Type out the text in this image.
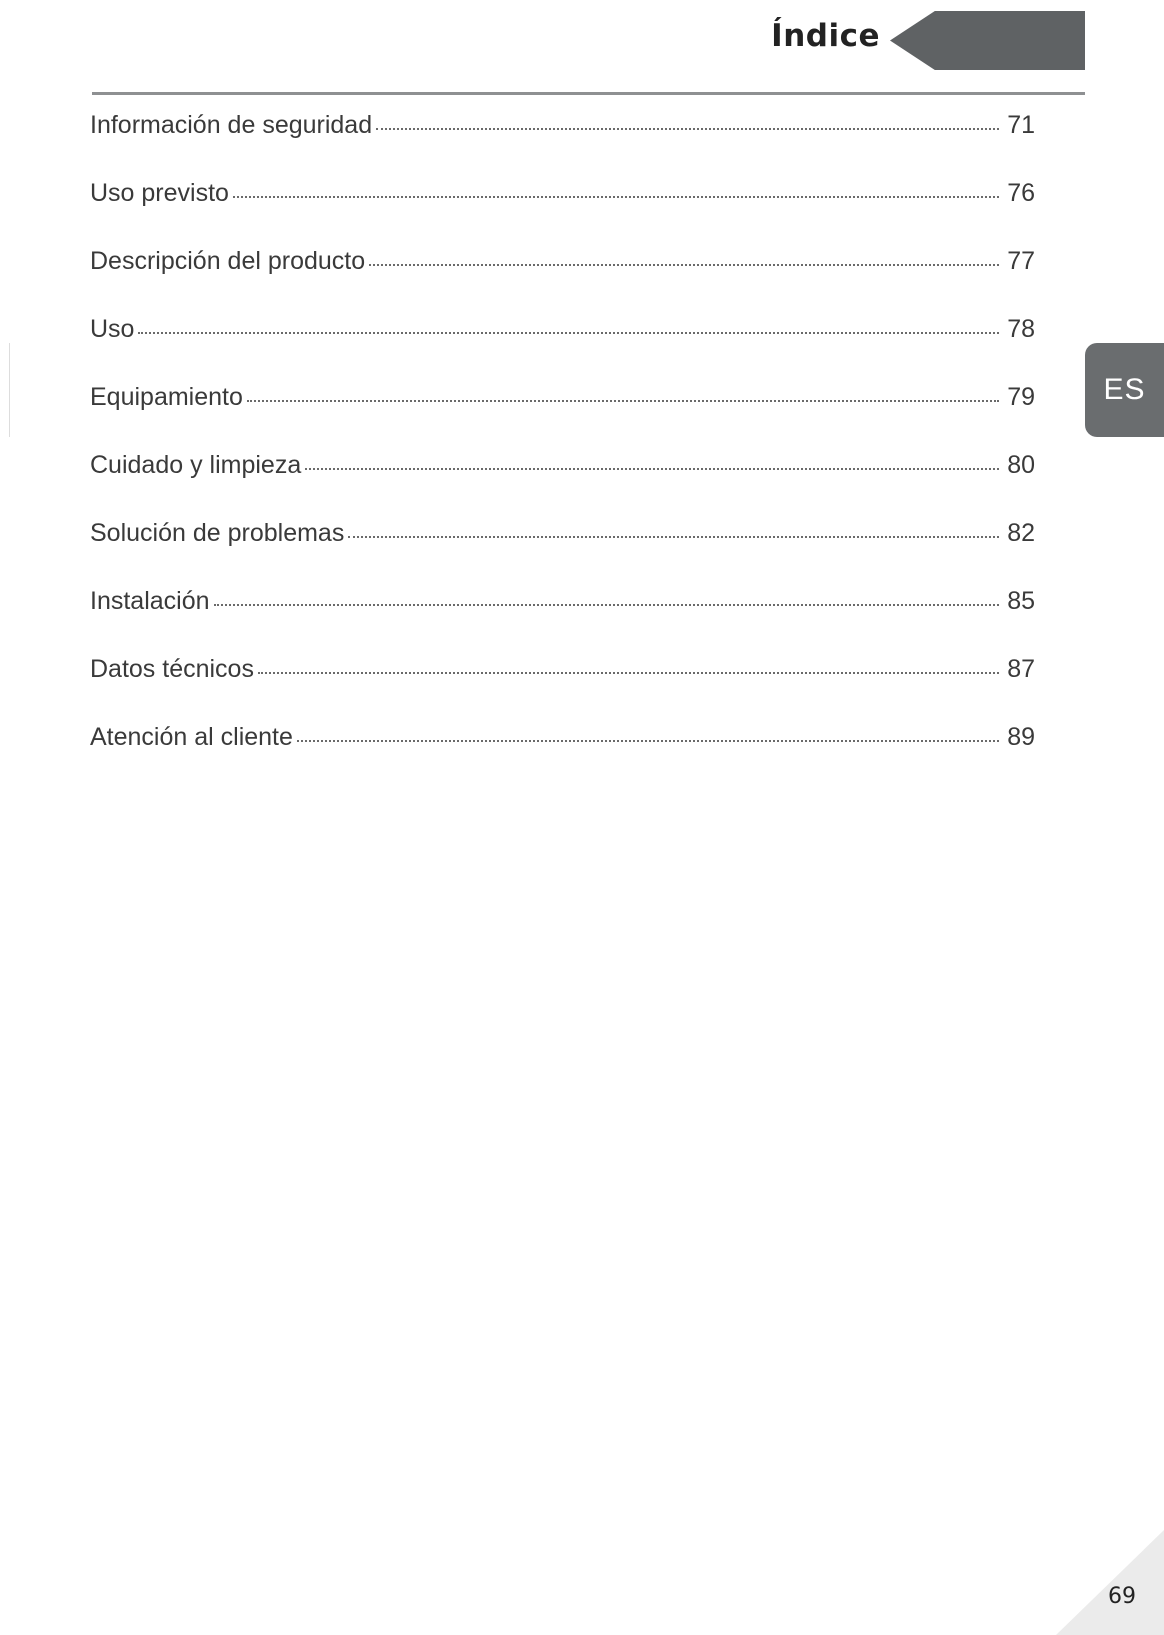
Índice
Información de seguridad	71
Uso previsto	76
Descripción del producto	77
Uso	78
Equipamiento	79
Cuidado y limpieza	80
Solución de problemas	82
Instalación	85
Datos técnicos	87
Atención al cliente	89
ES
69
